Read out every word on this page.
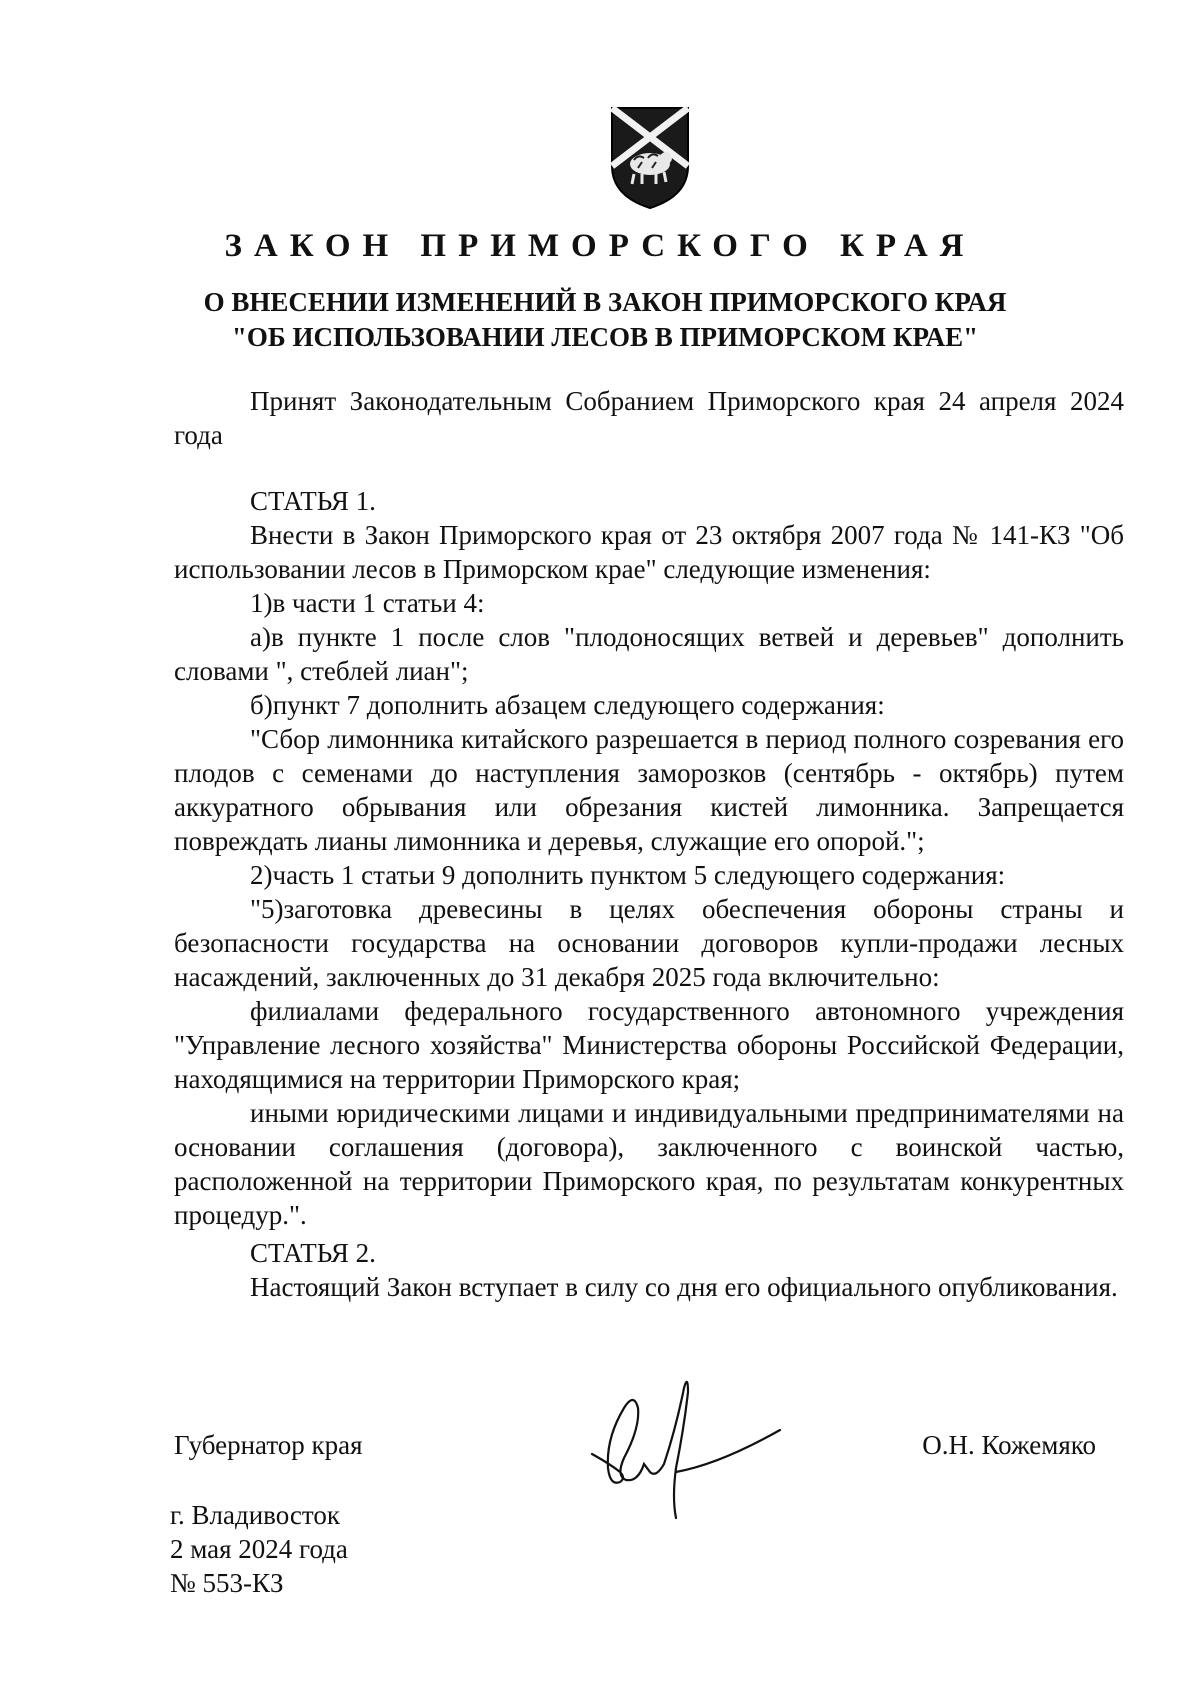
ЗАКОН ПРИМОРСКОГО КРАЯ
О ВНЕСЕНИИ ИЗМЕНЕНИЙ В ЗАКОН ПРИМОРСКОГО КРАЯ
"ОБ ИСПОЛЬЗОВАНИИ ЛЕСОВ В ПРИМОРСКОМ КРАЕ"

Принят Законодательным Собранием Приморского края 24 апреля 2024 года

СТАТЬЯ 1.

Внести в Закон Приморского края от 23 октября 2007 года № 141-КЗ "Об использовании лесов в Приморском крае" следующие изменения:

1)в части 1 статьи 4:

а)в пункте 1 после слов "плодоносящих ветвей и деревьев" дополнить словами ", стеблей лиан";

б)пункт 7 дополнить абзацем следующего содержания:

"Сбор лимонника китайского разрешается в период полного созревания его плодов с семенами до наступления заморозков (сентябрь - октябрь) путем аккуратного обрывания или обрезания кистей лимонника. Запрещается повреждать лианы лимонника и деревья, служащие его опорой.";

2)часть 1 статьи 9 дополнить пунктом 5 следующего содержания:

"5)заготовка древесины в целях обеспечения обороны страны и безопасности государства на основании договоров купли-продажи лесных насаждений, заключенных до 31 декабря 2025 года включительно:

филиалами федерального государственного автономного учреждения "Управление лесного хозяйства" Министерства обороны Российской Федерации, находящимися на территории Приморского края;

иными юридическими лицами и индивидуальными предпринимателями на основании соглашения (договора), заключенного с воинской частью, расположенной на территории Приморского края, по результатам конкурентных процедур.".

СТАТЬЯ 2.

Настоящий Закон вступает в силу со дня его официального опубликования.

Губернатор края	О.Н. Кожемяко
г. Владивосток
2 мая 2024 года
№ 553-КЗ
